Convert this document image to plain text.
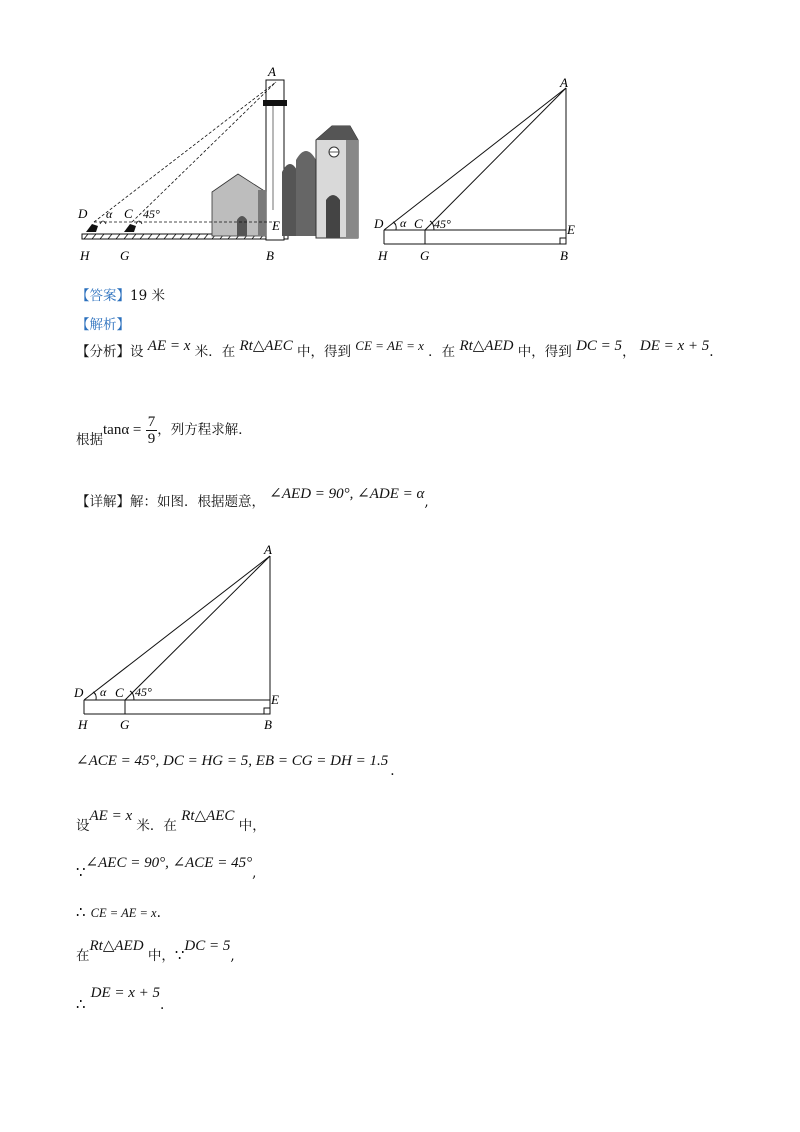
A
D α C 45°
E
H G	B
A
D α C 45°	E
H	G	B
【答案】19 米
【解析】
【分析】设 AE = x 米．在 Rt△AEC 中，得到 CE = AE = x ．在 Rt△AED 中，得到 DC = 5， DE = x + 5.
根据$\tan\alpha = \frac{7}{9}$ ，列方程求解．
【详解】解：如图．根据题意， ∠AED = 90°, ∠ADE = α,
A
D α C 45°	E
H	G	B
∠ACE = 45°, DC = HG = 5, EB = CG = DH = $1.5_.$
设AE = x 米．在 Rt△AEC 中，
∵∠AEC = 90°, ∠ACE = $45^\circ_,$
∴ CE = AE = x.
在Rt△AED 中，∵DC = 5,
∴ DE = $x + 5_.$
